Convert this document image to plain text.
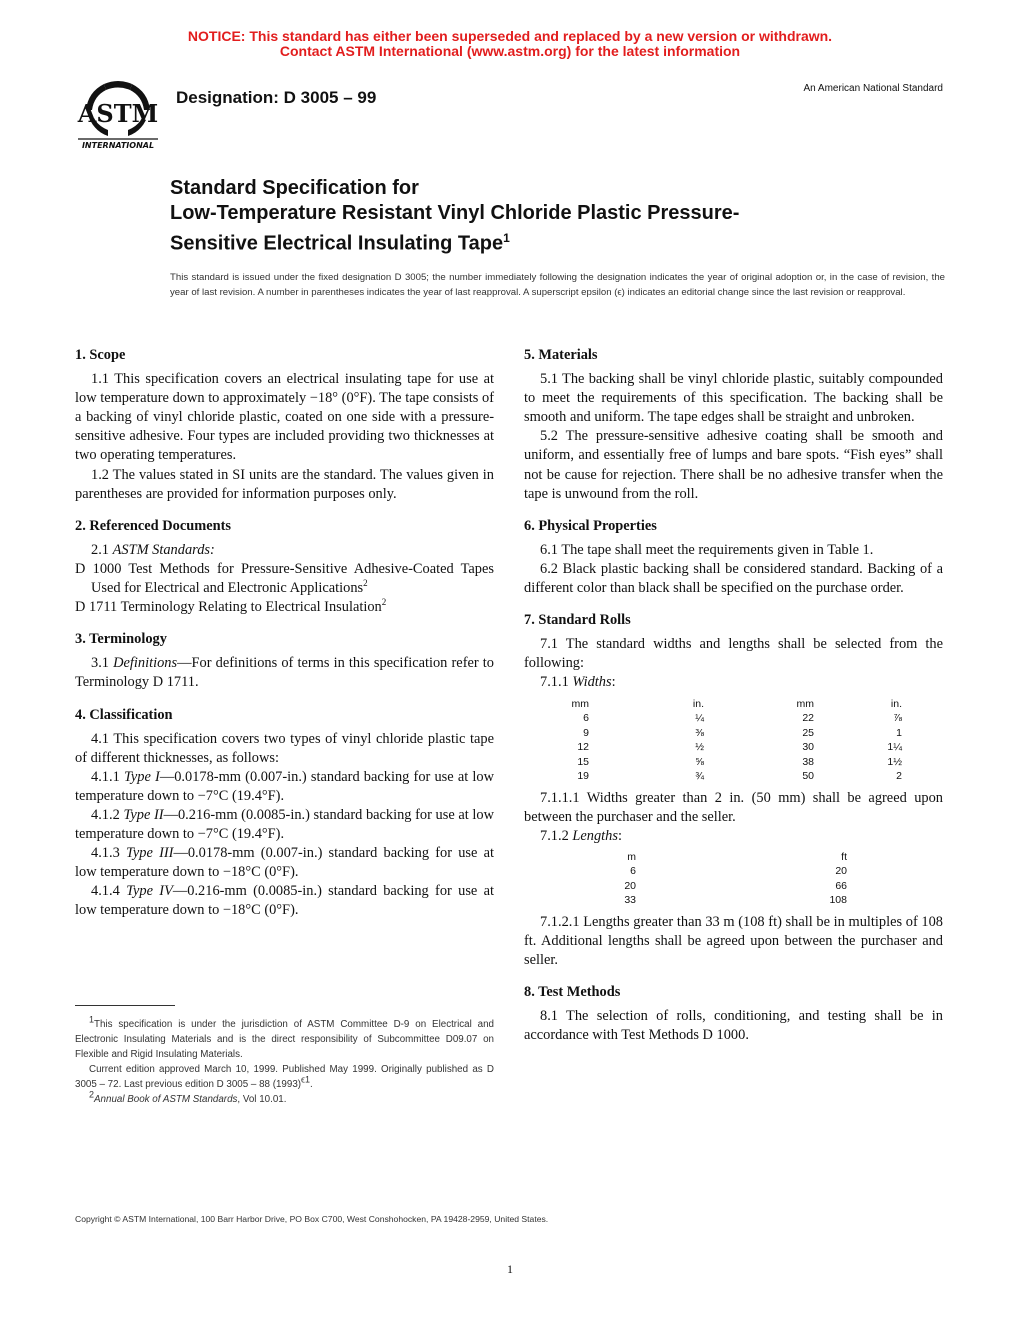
NOTICE: This standard has either been superseded and replaced by a new version or withdrawn.
Contact ASTM International (www.astm.org) for the latest information
ASTM
INTERNATIONAL
Designation: D 3005 – 99	An American National Standard
Standard Specification for
Low-Temperature Resistant Vinyl Chloride Plastic Pressure-
Sensitive Electrical Insulating Tape$^1$
This standard is issued under the fixed designation D 3005; the number immediately following the designation indicates the year of original adoption or, in the case of revision, the year of last revision. A number in parentheses indicates the year of last reapproval. A superscript epsilon (ϵ) indicates an editorial change since the last revision or reapproval.
1. Scope

1.1 This specification covers an electrical insulating tape for use at low temperature down to approximately −18° (0°F). The tape consists of a backing of vinyl chloride plastic, coated on one side with a pressure-sensitive adhesive. Four types are included providing two thicknesses at two operating temperatures.

1.2 The values stated in SI units are the standard. The values given in parentheses are provided for information purposes only.

2. Referenced Documents

2.1 ASTM Standards:

D 1000 Test Methods for Pressure-Sensitive Adhesive-Coated Tapes Used for Electrical and Electronic Applications$^2$

D 1711 Terminology Relating to Electrical Insulation$^2$

3. Terminology

3.1 Definitions—For definitions of terms in this specification refer to Terminology D 1711.

4. Classification

4.1 This specification covers two types of vinyl chloride plastic tape of different thicknesses, as follows:

4.1.1 Type I—0.0178-mm (0.007-in.) standard backing for use at low temperature down to −7°C (19.4°F).

4.1.2 Type II—0.216-mm (0.0085-in.) standard backing for use at low temperature down to −7°C (19.4°F).

4.1.3 Type III—0.0178-mm (0.007-in.) standard backing for use at low temperature down to −18°C (0°F).

4.1.4 Type IV—0.216-mm (0.0085-in.) standard backing for use at low temperature down to −18°C (0°F).

$^1$This specification is under the jurisdiction of ASTM Committee D-9 on Electrical and Electronic Insulating Materials and is the direct responsibility of Subcommittee D09.07 on Flexible and Rigid Insulating Materials.

Current edition approved March 10, 1999. Published May 1999. Originally published as D 3005 – 72. Last previous edition D 3005 – 88 $(1993)^{\epsilon 1}$.

$^2$Annual Book of ASTM Standards, Vol 10.01.

5. Materials

5.1 The backing shall be vinyl chloride plastic, suitably compounded to meet the requirements of this specification. The backing shall be smooth and uniform. The tape edges shall be straight and unbroken.

5.2 The pressure-sensitive adhesive coating shall be smooth and uniform, and essentially free of lumps and bare spots. “Fish eyes” shall not be cause for rejection. There shall be no adhesive transfer when the tape is unwound from the roll.

6. Physical Properties

6.1 The tape shall meet the requirements given in Table 1.

6.2 Black plastic backing shall be considered standard. Backing of a different color than black shall be specified on the purchase order.

7. Standard Rolls

7.1 The standard widths and lengths shall be selected from the following:

7.1.1 Widths:

mm	in.	mm	in.
6	¼	22	⅞
9	⅜	25	1
12	½	30	1¼
15	⅝	38	1½
19	¾	50	2

7.1.1.1 Widths greater than 2 in. (50 mm) shall be agreed upon between the purchaser and the seller.

7.1.2 Lengths:

m	ft
6	20
20	66
33	108

7.1.2.1 Lengths greater than 33 m (108 ft) shall be in multiples of 108 ft. Additional lengths shall be agreed upon between the purchaser and seller.

8. Test Methods

8.1 The selection of rolls, conditioning, and testing shall be in accordance with Test Methods D 1000.

Copyright © ASTM International, 100 Barr Harbor Drive, PO Box C700, West Conshohocken, PA 19428-2959, United States.
1
